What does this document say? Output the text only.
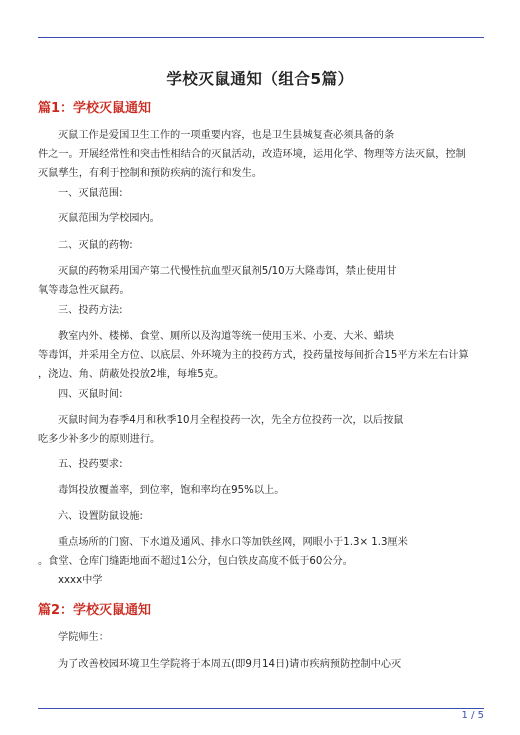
学校灭鼠通知（组合5篇）
篇1：学校灭鼠通知
灭鼠工作是爱国卫生工作的一项重要内容，也是卫生县城复查必须具备的条
件之一。开展经常性和突击性相结合的灭鼠活动，改造环境，运用化学、物理等方法灭鼠，控制
灭鼠孳生，有利于控制和预防疾病的流行和发生。
一、灭鼠范围:
灭鼠范围为学校园内。
二、灭鼠的药物:
灭鼠的药物采用国产第二代慢性抗血型灭鼠剂5/10万大隆毒饵，禁止使用甘
氧等毒急性灭鼠药。
三、投药方法:
教室内外、楼梯、食堂、厕所以及沟道等统一使用玉米、小麦、大米、蜡块
等毒饵，并采用全方位、以底层、外环境为主的投药方式，投药量按每间折合15平方米左右计算
，浇边、角、荫蔽处投放2堆，每堆5克。
四、灭鼠时间:
灭鼠时间为春季4月和秋季10月全程投药一次，先全方位投药一次，以后按鼠
吃多少补多少的原则进行。
五、投药要求:
毒饵投放覆盖率，到位率，饱和率均在95%以上。
六、设置防鼠设施:
重点场所的门窗、下水道及通风、排水口等加铁丝网，网眼小于1.3× 1.3厘米
。食堂、仓库门缝距地面不超过1公分，包白铁皮高度不低于60公分。
xxxx中学
篇2：学校灭鼠通知
学院师生：
为了改善校园环境卫生学院将于本周五(即9月14日)请市疾病预防控制中心灭
1 / 5
